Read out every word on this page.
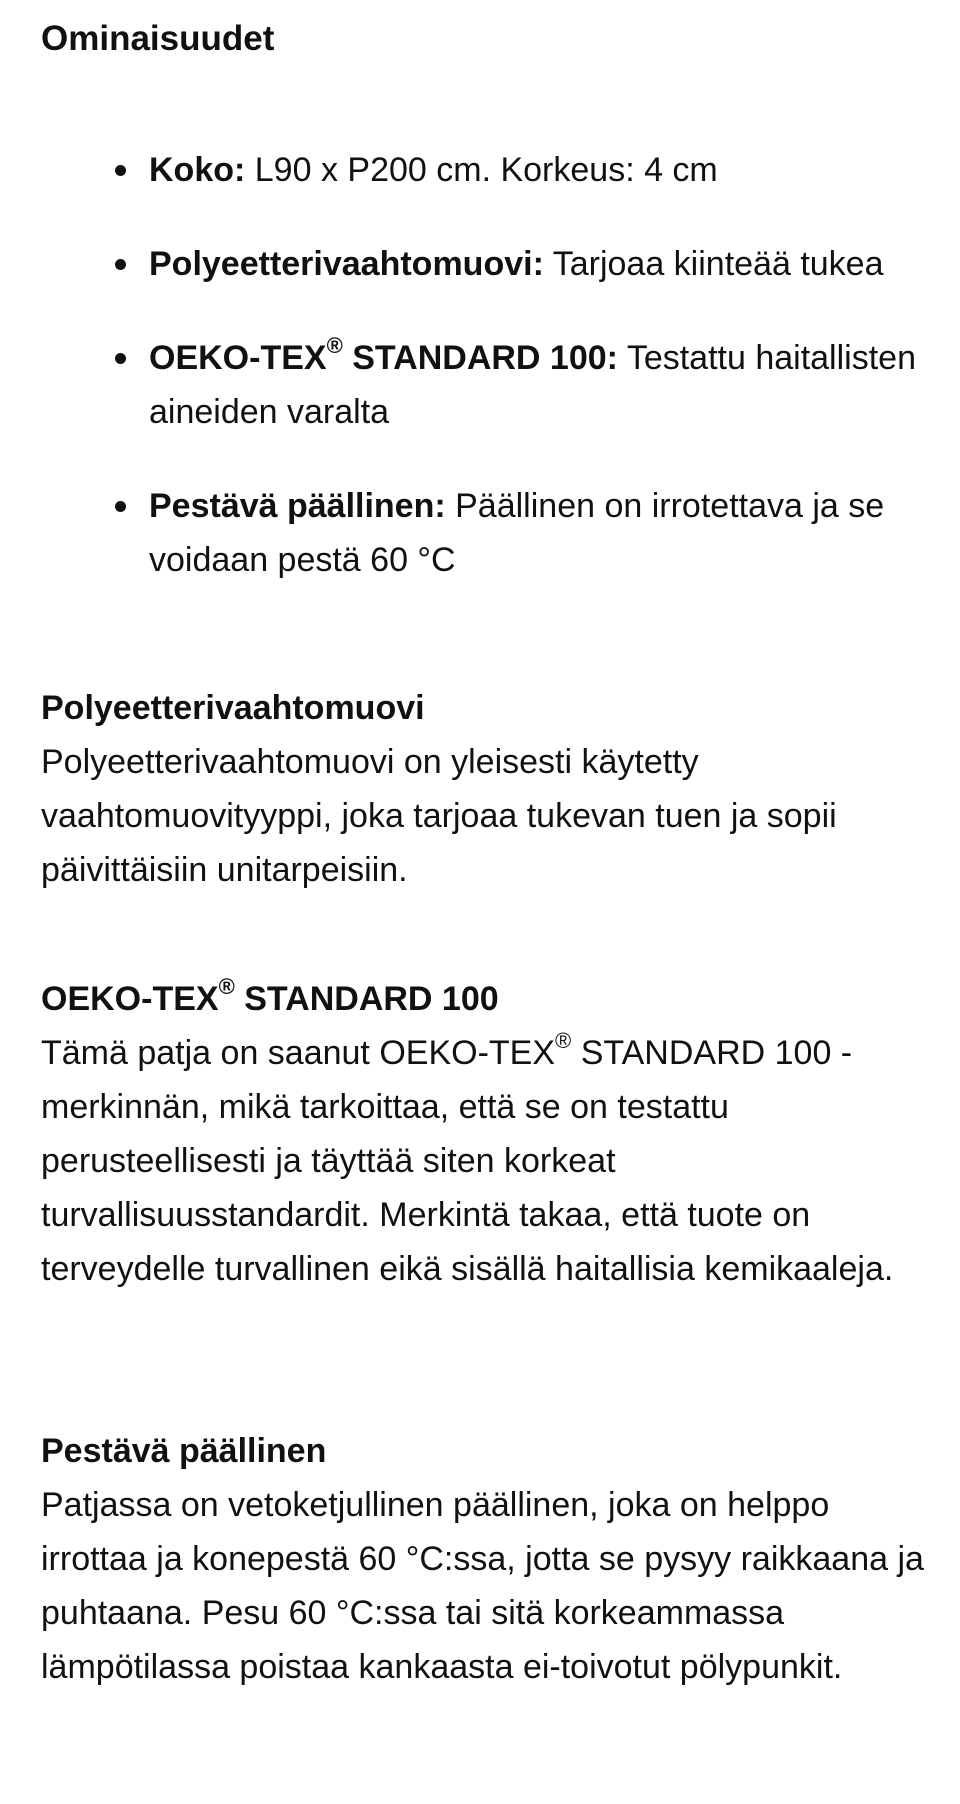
Ominaisuudet
Koko: L90 x P200 cm. Korkeus: 4 cm
Polyeetterivaahtomuovi: Tarjoaa kiinteää tukea
OEKO-TEX® STANDARD 100: Testattu haitallisten aineiden varalta
Pestävä päällinen: Päällinen on irrotettava ja se voidaan pestä 60 °C
Polyeetterivaahtomuovi

Polyeetterivaahtomuovi on yleisesti käytetty vaahtomuovityyppi, joka tarjoaa tukevan tuen ja sopii päivittäisiin unitarpeisiin.

OEKO-TEX® STANDARD 100

Tämä patja on saanut OEKO-TEX® STANDARD 100 -merkinnän, mikä tarkoittaa, että se on testattu perusteellisesti ja täyttää siten korkeat turvallisuusstandardit. Merkintä takaa, että tuote on terveydelle turvallinen eikä sisällä haitallisia kemikaaleja.

Pestävä päällinen

Patjassa on vetoketjullinen päällinen, joka on helppo irrottaa ja konepestä 60 °C:ssa, jotta se pysyy raikkaana ja puhtaana. Pesu 60 °C:ssa tai sitä korkeammassa lämpötilassa poistaa kankaasta ei-toivotut pölypunkit.
